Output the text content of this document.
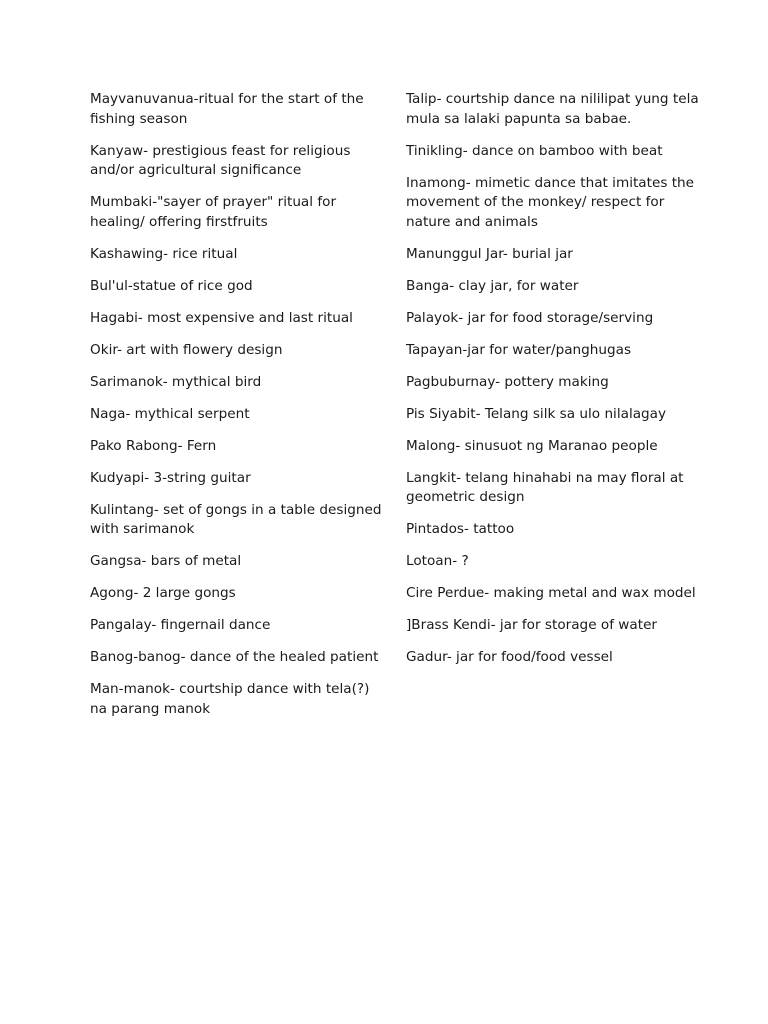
Mayvanuvanua-ritual for the start of the fishing season
Kanyaw- prestigious feast for religious and/or agricultural significance
Mumbaki-"sayer of prayer" ritual for healing/ offering firstfruits
Kashawing- rice ritual
Bul'ul-statue of rice god
Hagabi- most expensive and last ritual
Okir- art with flowery design
Sarimanok- mythical bird
Naga- mythical serpent
Pako Rabong- Fern
Kudyapi- 3-string guitar
Kulintang- set of gongs in a table designed with sarimanok
Gangsa- bars of metal
Agong- 2 large gongs
Pangalay- fingernail dance
Banog-banog- dance of the healed patient
Man-manok- courtship dance with tela(?) na parang manok
Talip- courtship dance na nililipat yung tela mula sa lalaki papunta sa babae.
Tinikling- dance on bamboo with beat
Inamong- mimetic dance that imitates the movement of the monkey/ respect for nature and animals
Manunggul Jar- burial jar
Banga- clay jar, for water
Palayok- jar for food storage/serving
Tapayan-jar for water/panghugas
Pagbuburnay- pottery making
Pis Siyabit- Telang silk sa ulo nilalagay
Malong- sinusuot ng Maranao people
Langkit- telang hinahabi na may floral at geometric design
Pintados- tattoo
Lotoan- ?
Cire Perdue- making metal and wax model
]Brass Kendi- jar for storage of water
Gadur- jar for food/food vessel
